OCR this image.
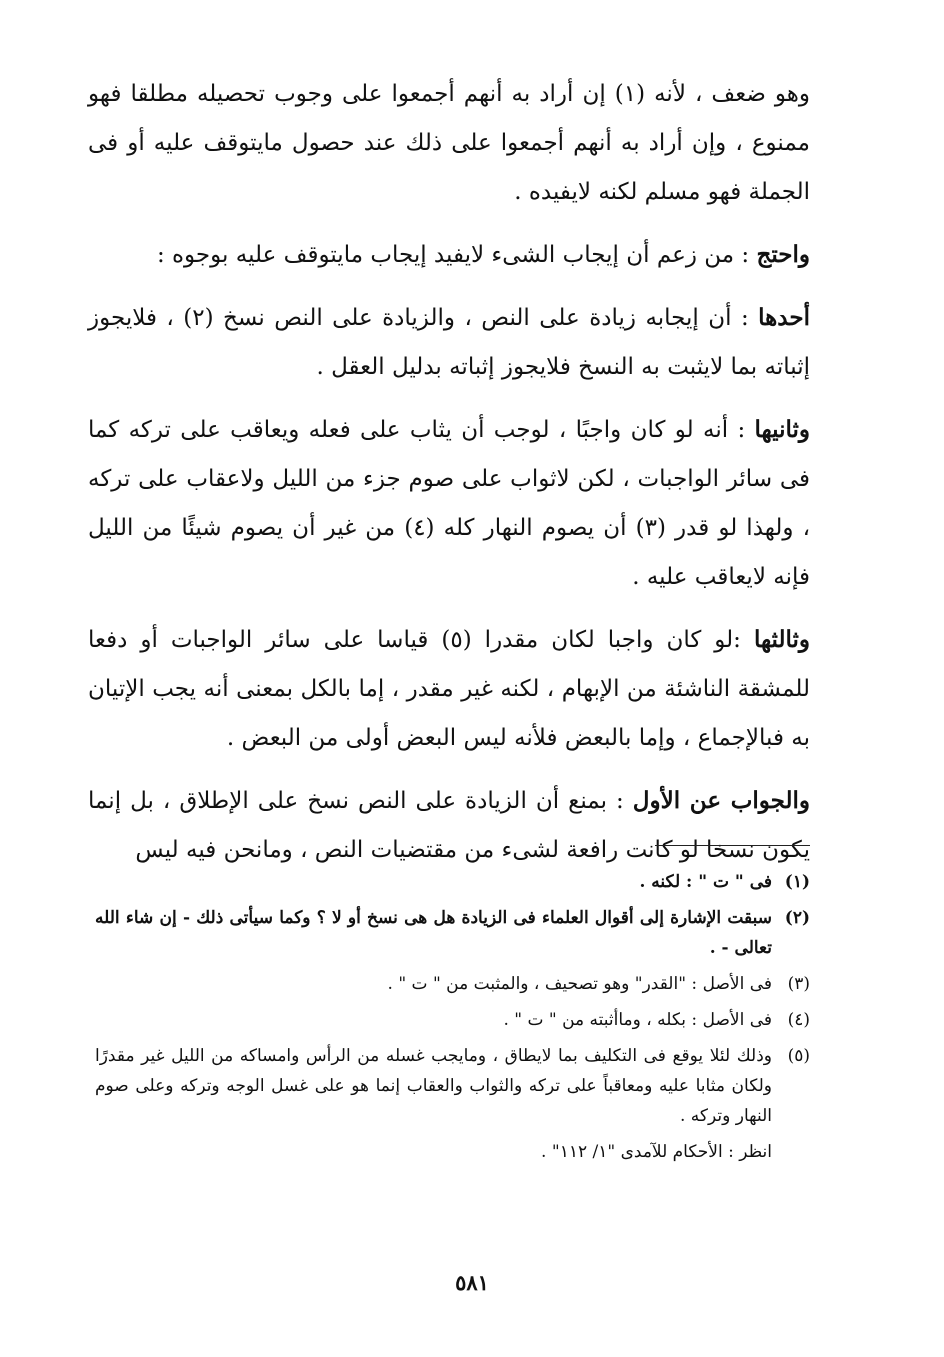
وهو ضعف ، لأنه (١) إن أراد به أنهم أجمعوا على وجوب تحصيله مطلقا فهو ممنوع ، وإن أراد به أنهم أجمعوا على ذلك عند حصول مايتوقف عليه أو فى الجملة فهو مسلم لكنه لايفيده .

واحتج : من زعم أن إيجاب الشىء لايفيد إيجاب مايتوقف عليه بوجوه :

أحدها : أن إيجابه زيادة على النص ، والزيادة على النص نسخ (٢) ، فلايجوز إثباته بما لايثبت به النسخ فلايجوز إثباته بدليل العقل .

وثانيها : أنه لو كان واجبًا ، لوجب أن يثاب على فعله ويعاقب على تركه كما فى سائر الواجبات ، لكن لاثواب على صوم جزء من الليل ولاعقاب على تركه ، ولهذا لو قدر (٣) أن يصوم النهار كله (٤) من غير أن يصوم شيئًا من الليل فإنه لايعاقب عليه .

وثالثها :لو كان واجبا لكان مقدرا (٥) قياسا على سائر الواجبات أو دفعا للمشقة الناشئة من الإبهام ، لكنه غير مقدر ، إما بالكل بمعنى أنه يجب الإتيان به فبالإجماع ، وإما بالبعض فلأنه ليس البعض أولى من البعض .

والجواب عن الأول : بمنع أن الزيادة على النص نسخ على الإطلاق ، بل إنما يكون نسخا لو كانت رافعة لشىء من مقتضيات النص ، ومانحن فيه ليس

(١)
فى " ت " : لكنه .
(٢)
سبقت الإشارة إلى أقوال العلماء فى الزيادة هل هى نسخ أو لا ؟ وكما سيأتى ذلك - إن شاء الله تعالى - .
(٣)
فى الأصل : "القدر" وهو تصحيف ، والمثبت من " ت " .
(٤)
فى الأصل : بكله ، وماأثبته من " ت " .
(٥)
وذلك لئلا يوقع فى التكليف بما لايطاق ، ومايجب غسله من الرأس وامساكه من الليل غير مقدرًا ولكان مثابا عليه ومعاقباً على تركه والثواب والعقاب إنما هو على غسل الوجه وتركه وعلى صوم النهار وتركه .
انظر : الأحكام للآمدى "١/ ١١٢" .
٥٨١
